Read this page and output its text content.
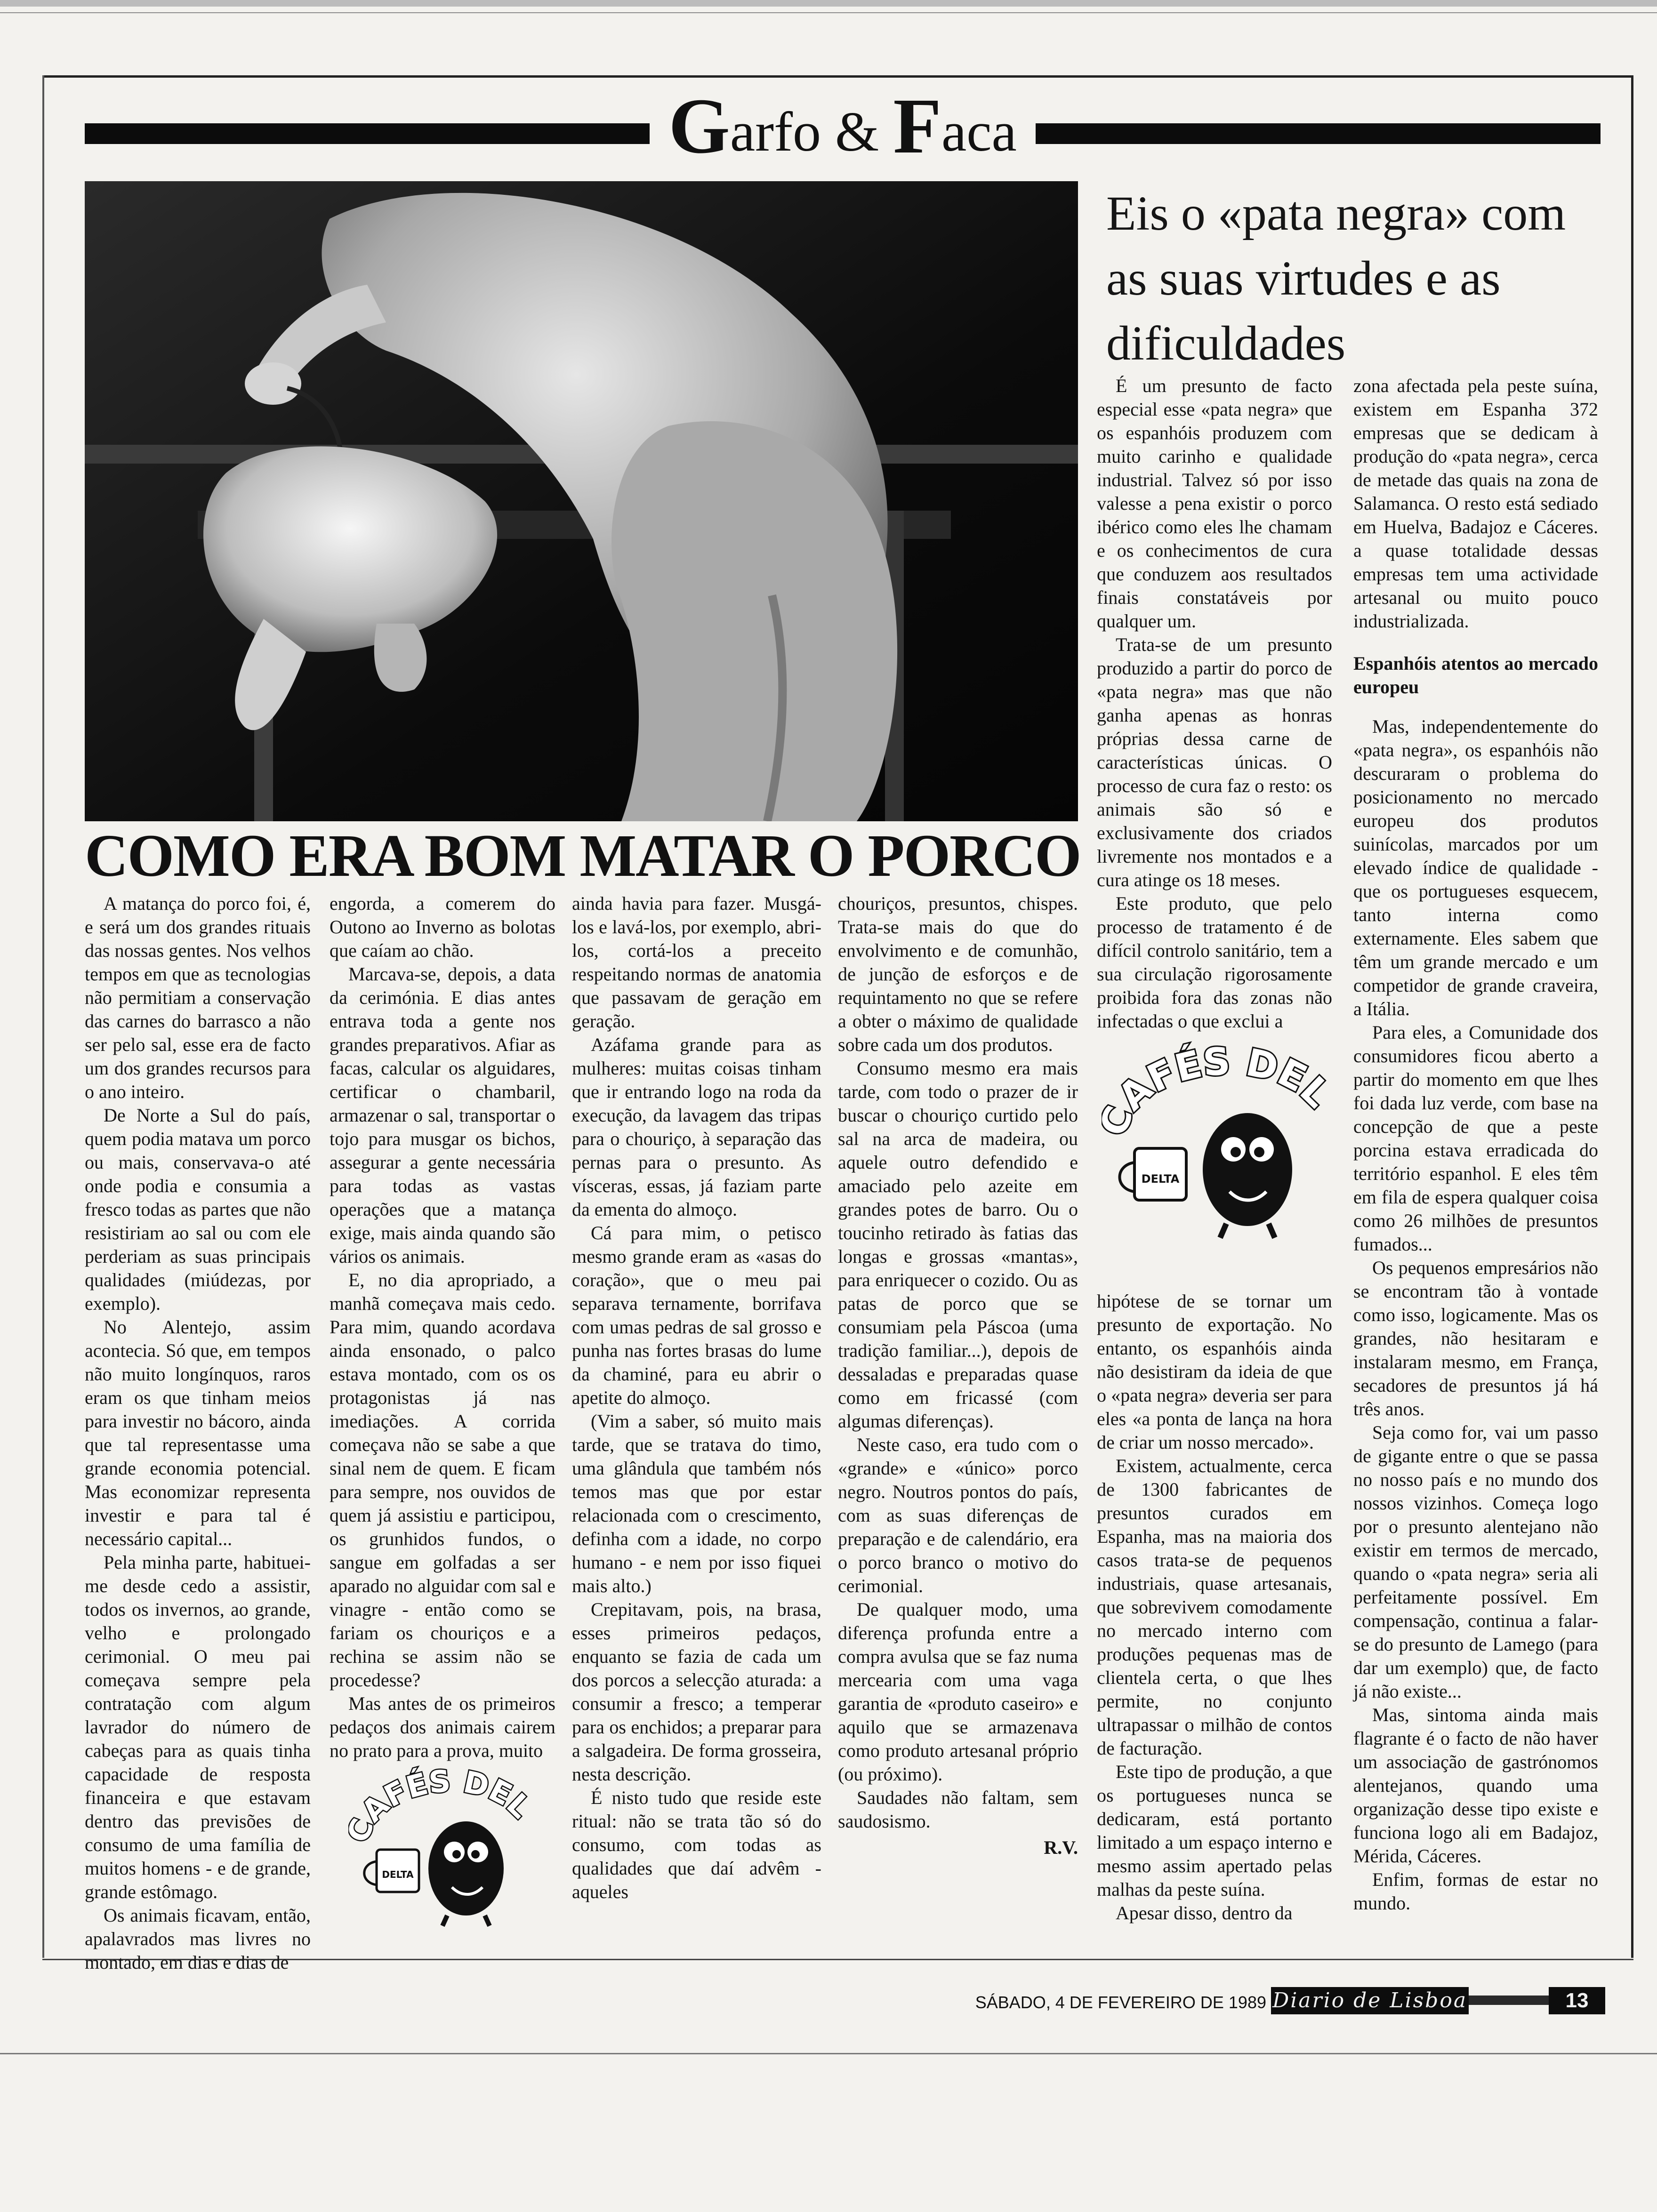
G arfo & F aca
Eis o «pata negra» com as suas virtudes e as dificuldades
COMO ERA BOM MATAR O PORCO

A matança do porco foi, é, e será um dos grandes rituais das nossas gentes. Nos velhos tempos em que as tecnologias não permitiam a conservação das carnes do barrasco a não ser pelo sal, esse era de facto um dos grandes recursos para o ano inteiro.

De Norte a Sul do país, quem podia matava um porco ou mais, conservava-o até onde podia e consumia a fresco todas as partes que não resistiriam ao sal ou com ele perderiam as suas principais qualidades (miúdezas, por exemplo).

No Alentejo, assim acontecia. Só que, em tempos não muito longínquos, raros eram os que tinham meios para investir no bácoro, ainda que tal representasse uma grande economia potencial. Mas economizar representa investir e para tal é necessário capital...

Pela minha parte, habituei-me desde cedo a assistir, todos os invernos, ao grande, velho e prolongado cerimonial. O meu pai começava sempre pela contratação com algum lavrador do número de cabeças para as quais tinha capacidade de resposta financeira e que estavam dentro das previsões de consumo de uma família de muitos homens - e de grande, grande estômago.

Os animais ficavam, então, apalavrados mas livres no montado, em dias e dias de

engorda, a comerem do Outono ao Inverno as bolotas que caíam ao chão.

Marcava-se, depois, a data da cerimónia. E dias antes entrava toda a gente nos grandes preparativos. Afiar as facas, calcular os alguidares, certificar o chambaril, armazenar o sal, transportar o tojo para musgar os bichos, assegurar a gente necessária para todas as vastas operações que a matança exige, mais ainda quando são vários os animais.

E, no dia apropriado, a manhã começava mais cedo. Para mim, quando acordava ainda ensonado, o palco estava montado, com os os protagonistas já nas imediações. A corrida começava não se sabe a que sinal nem de quem. E ficam para sempre, nos ouvidos de quem já assistiu e participou, os grunhidos fundos, o sangue em golfadas a ser aparado no alguidar com sal e vinagre - então como se fariam os chouriços e a rechina se assim não se procedesse?

Mas antes de os primeiros pedaços dos animais cairem no prato para a prova, muito

ainda havia para fazer. Musgá-los e lavá-los, por exemplo, abri-los, cortá-los a preceito respeitando normas de anatomia que passavam de geração em geração.

Azáfama grande para as mulheres: muitas coisas tinham que ir entrando logo na roda da execução, da lavagem das tripas para o chouriço, à separação das pernas para o presunto. As vísceras, essas, já faziam parte da ementa do almoço.

Cá para mim, o petisco mesmo grande eram as «asas do coração», que o meu pai separava ternamente, borrifava com umas pedras de sal grosso e punha nas fortes brasas do lume da chaminé, para eu abrir o apetite do almoço.

(Vim a saber, só muito mais tarde, que se tratava do timo, uma glândula que também nós temos mas que por estar relacionada com o crescimento, definha com a idade, no corpo humano - e nem por isso fiquei mais alto.)

Crepitavam, pois, na brasa, esses primeiros pedaços, enquanto se fazia de cada um dos porcos a selecção aturada: a consumir a fresco; a temperar para os enchidos; a preparar para a salgadeira. De forma grosseira, nesta descrição.

É nisto tudo que reside este ritual: não se trata tão só do consumo, com todas as qualidades que daí advêm - aqueles

chouriços, presuntos, chispes. Trata-se mais do que do envolvimento e de comunhão, de junção de esforços e de requintamento no que se refere a obter o máximo de qualidade sobre cada um dos produtos.

Consumo mesmo era mais tarde, com todo o prazer de ir buscar o chouriço curtido pelo sal na arca de madeira, ou aquele outro defendido e amaciado pelo azeite em grandes potes de barro. Ou o toucinho retirado às fatias das longas e grossas «mantas», para enriquecer o cozido. Ou as patas de porco que se consumiam pela Páscoa (uma tradição familiar...), depois de dessaladas e preparadas quase como em fricassé (com algumas diferenças).

Neste caso, era tudo com o «grande» e «único» porco negro. Noutros pontos do país, com as suas diferenças de preparação e de calendário, era o porco branco o motivo do cerimonial.

De qualquer modo, uma diferença profunda entre a compra avulsa que se faz numa mercearia com uma vaga garantia de «produto caseiro» e aquilo que se armazenava como produto artesanal próprio (ou próximo).

Saudades não faltam, sem saudosismo.

R.V.

É um presunto de facto especial esse «pata negra» que os espanhóis produzem com muito carinho e qualidade industrial. Talvez só por isso valesse a pena existir o porco ibérico como eles lhe chamam e os conhecimentos de cura que conduzem aos resultados finais constatáveis por qualquer um.

Trata-se de um presunto produzido a partir do porco de «pata negra» mas que não ganha apenas as honras próprias dessa carne de características únicas. O processo de cura faz o resto: os animais são só e exclusivamente dos criados livremente nos montados e a cura atinge os 18 meses.

Este produto, que pelo processo de tratamento é de difícil controlo sanitário, tem a sua circulação rigorosamente proibida fora das zonas não infectadas o que exclui a

hipótese de se tornar um presunto de exportação. No entanto, os espanhóis ainda não desistiram da ideia de que o «pata negra» deveria ser para eles «a ponta de lança na hora de criar um nosso mercado».

Existem, actualmente, cerca de 1300 fabricantes de presuntos curados em Espanha, mas na maioria dos casos trata-se de pequenos industriais, quase artesanais, que sobrevivem comodamente no mercado interno com produções pequenas mas de clientela certa, o que lhes permite, no conjunto ultrapassar o milhão de contos de facturação.

Este tipo de produção, a que os portugueses nunca se dedicaram, está portanto limitado a um espaço interno e mesmo assim apertado pelas malhas da peste suína.

Apesar disso, dentro da

zona afectada pela peste suína, existem em Espanha 372 empresas que se dedicam à produção do «pata negra», cerca de metade das quais na zona de Salamanca. O resto está sediado em Huelva, Badajoz e Cáceres. a quase totalidade dessas empresas tem uma actividade artesanal ou muito pouco industrializada.

Espanhóis atentos ao mercado europeu

Mas, independentemente do «pata negra», os espanhóis não descuraram o problema do posicionamento no mercado europeu dos produtos suinícolas, marcados por um elevado índice de qualidade - que os portugueses esquecem, tanto interna como externamente. Eles sabem que têm um grande mercado e um competidor de grande craveira, a Itália.

Para eles, a Comunidade dos consumidores ficou aberto a partir do momento em que lhes foi dada luz verde, com base na concepção de que a peste porcina estava erradicada do território espanhol. E eles têm em fila de espera qualquer coisa como 26 milhões de presuntos fumados...

Os pequenos empresários não se encontram tão à vontade como isso, logicamente. Mas os grandes, não hesitaram e instalaram mesmo, em França, secadores de presuntos já há três anos.

Seja como for, vai um passo de gigante entre o que se passa no nosso país e no mundo dos nossos vizinhos. Começa logo por o presunto alentejano não existir em termos de mercado, quando o «pata negra» seria ali perfeitamente possível. Em compensação, continua a falar-se do presunto de Lamego (para dar um exemplo) que, de facto já não existe...

Mas, sintoma ainda mais flagrante é o facto de não haver um associação de gastrónomos alentejanos, quando uma organização desse tipo existe e funciona logo ali em Badajoz, Mérida, Cáceres.

Enfim, formas de estar no mundo.

AFÉS DEL
DELTA
AFÉS DEL
DELTA
SÁBADO, 4 DE FEVEREIRO DE 1989 Diario de Lisboa	13
